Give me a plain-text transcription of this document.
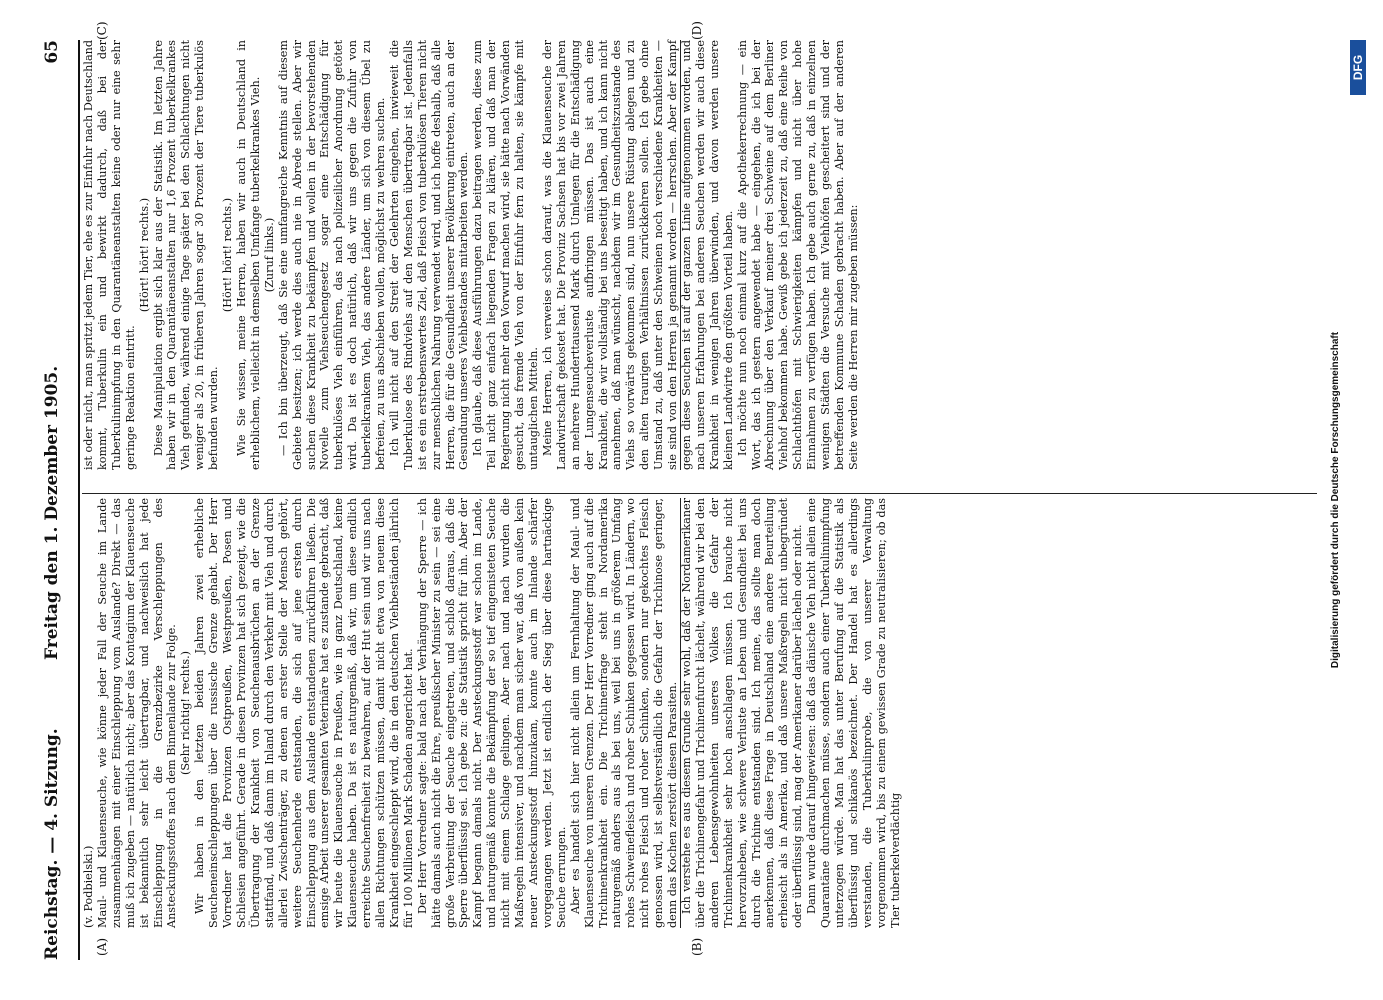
Reichstag. — 4. Sitzung.
Freitag den 1. Dezember 1905.
65
(A)	(B)
(C)	(D)

(v. Podbielski.) Maul- und Klauenseuche, wie könne jeder Fall der Seuche im Lande zusammenhängen mit einer Einschleppung vom Auslande? Direkt — das muß ich zugeben — natürlich nicht; aber das Kontagium der Klauenseuche ist bekanntlich sehr leicht übertragbar, und nachweislich hat jede Einschleppung in die Grenzbezirke Verschleppungen des Ansteckungsstoffes nach dem Binnenlande zur Folge. (Sehr richtig! rechts.) Wir haben in den letzten beiden Jahren zwei erhebliche Seucheneinschleppungen über die russische Grenze gehabt. Der Herr Vorredner hat die Provinzen Ostpreußen, Westpreußen, Posen und Schlesien angeführt. Gerade in diesen Provinzen hat sich gezeigt, wie die Übertragung der Krankheit von Seuchenausbrüchen an der Grenze stattfand, und daß dann im Inland durch den Verkehr mit Vieh und durch allerlei Zwischenträger, zu denen an erster Stelle der Mensch gehört, weitere Seuchenherde entstanden, die sich auf jene ersten durch Einschleppung aus dem Auslande entstandenen zurückführen ließen. Die emsige Arbeit unserer gesamten Veterinäre hat es zustande gebracht, daß wir heute die Klauenseuche in Preußen, wie in ganz Deutschland, keine Klauenseuche haben. Da ist es naturgemäß, daß wir, um diese endlich erreichte Seuchenfreiheit zu bewahren, auf der Hut sein und wir uns nach allen Richtungen schützen müssen, damit nicht etwa von neuem diese Krankheit eingeschleppt wird, die in den deutschen Viehbeständen jährlich für 100 Millionen Mark Schaden angerichtet hat. Der Herr Vorredner sagte: bald nach der Verhängung der Sperre — ich hätte damals auch nicht die Ehre, preußischer Minister zu sein — sei eine große Verbreitung der Seuche eingetreten, und schloß daraus, daß die Sperre überflüssig sei. Ich gebe zu: die Statistik spricht für ihn. Aber der Kampf begann damals nicht. Der Ansteckungsstoff war schon im Lande, und naturgemäß konnte die Bekämpfung der so tief eingenisteten Seuche nicht mit einem Schlage gelingen. Aber nach und nach wurden die Maßregeln intensiver, und nachdem man sicher war, daß von außen kein neuer Ansteckungsstoff hinzukam, konnte auch im Inlande schärfer vorgegangen werden. Jetzt ist endlich der Sieg über diese hartnäckige Seuche errungen. Aber es handelt sich hier nicht allein um Fernhaltung der Maul- und Klauenseuche von unseren Grenzen. Der Herr Vorredner ging auch auf die Trichinenkrankheit ein. Die Trichinenfrage steht in Nordamerika naturgemäß anders aus als bei uns, weil bei uns in größerem Umfang rohes Schweinefleisch und roher Schinken gegessen wird. In Ländern, wo nicht rohes Fleisch und roher Schinken, sondern nur gekochtes Fleisch genossen wird, ist selbstverständlich die Gefahr der Trichinose geringer, denn das Kochen zerstört diesen Parasiten. Ich verstehe es aus diesem Grunde sehr wohl, daß der Nordamerikaner über die Trichinengefahr und Trichinenfurcht lächelt, während wir bei den anderen Lebensgewohnheiten unseres Volkes die Gefahr der Trichinenkrankheit sehr hoch anschlagen müssen. Ich brauche nicht hervorzuheben, wie schwere Verluste an Leben und Gesundheit bei uns durch die Trichine entstanden sind. Ich meine, das sollte man doch anerkennen, daß diese Frage in Deutschland eine andere Beurteilung erheischt als in Amerika, und daß unsere Maßregeln nicht unbegründet oder überflüssig sind, mag der Amerikaner darüber lächeln oder nicht. Dann wurde darauf hingewiesen: daß das dänische Vieh nicht allein eine Quarantäne durchmachen müsse, sondern auch einer Tuberkulinimpfung unterzogen würde. Man hat das unter Berufung auf die Statistik als überflüssig und schikanös bezeichnet. Der Handel hat es allerdings verstanden, die Tuberkulinprobe, die von unserer Verwaltung vorgenommen wird, bis zu einem gewissen Grade zu neutralisieren; ob das Tier tuberkelverdächtig

ist oder nicht, man spritzt jedem Tier, ehe es zur Einfuhr nach Deutschland kommt, Tuberkulin ein und bewirkt dadurch, daß bei der Tuberkulinimpfung in den Quarantäneanstalten keine oder nur eine sehr geringe Reaktion eintritt.

(Hört! hört! rechts.) Diese Manipulation ergibt sich klar aus der Statistik. Im letzten Jahre haben wir in den Quarantäneanstalten nur 1,6 Prozent tuberkelkrankes Vieh gefunden, während einige Tage später bei den Schlachtungen nicht weniger als 20, in früheren Jahren sogar 30 Prozent der Tiere tuberkulös befunden wurden.

(Hört! hört! rechts.) Wie Sie wissen, meine Herren, haben wir auch in Deutschland in erheblichem, vielleicht in demselben Umfange tuberkelkrankes Vieh. (Zuruf links.) — Ich bin überzeugt, daß Sie eine umfangreiche Kenntnis auf diesem Gebiete besitzen; ich werde dies auch nie in Abrede stellen. Aber wir suchen diese Krankheit zu bekämpfen und wollen in der bevorstehenden Novelle zum Viehseuchengesetz sogar eine Entschädigung für tuberkulöses Vieh einführen, das nach polizeilicher Anordnung getötet wird. Da ist es doch natürlich, daß wir uns gegen die Zufuhr von tuberkelkrankem Vieh, das andere Länder, um sich von diesem Übel zu befreien, zu uns abschieben wollen, möglichst zu wehren suchen. Ich will nicht auf den Streit der Gelehrten eingehen, inwieweit die Tuberkulose des Rindviehs auf den Menschen übertragbar ist. Jedenfalls ist es ein erstrebenswertes Ziel, daß Fleisch von tuberkulösen Tieren nicht zur menschlichen Nahrung verwendet wird, und ich hoffe deshalb, daß alle Herren, die für die Gesundheit unserer Bevölkerung eintreten, auch an der Gesundung unseres Viehbestandes mitarbeiten werden. Ich glaube, daß diese Ausführungen dazu beitragen werden, diese zum Teil nicht ganz einfach liegenden Fragen zu klären, und daß man der Regierung nicht mehr den Vorwurf machen wird, sie hätte nach Vorwänden gesucht, das fremde Vieh von der Einfuhr fern zu halten, sie kämpfe mit untauglichen Mitteln. Meine Herren, ich verweise schon darauf, was die Klauenseuche der Landwirtschaft gekostet hat. Die Provinz Sachsen hat bis vor zwei Jahren an mehrere Hunderttausend Mark durch Umlegen für die Entschädigung der Lungenseucheverluste aufbringen müssen. Das ist auch eine Krankheit, die wir vollständig bei uns beseitigt haben, und ich kann nicht annehmen, daß man wünscht, nachdem wir im Gesundheitszustande des Viehs so vorwärts gekommen sind, nun unsere Rüstung ablegen und zu den alten traurigen Verhältnissen zurückkehren sollen. Ich gebe ohne Umstand zu, daß unter den Schweinen noch verschiedene Krankheiten — sie sind von den Herren ja genannt worden — herrschen. Aber der Kampf gegen diese Seuchen ist auf der ganzen Linie aufgenommen worden, und nach unseren Erfahrungen bei anderen Seuchen werden wir auch diese Krankheit in wenigen Jahren überwinden, und davon werden unsere kleinen Landwirte den größten Vorteil haben. Ich möchte nun noch einmal kurz auf die Apothekerrechnung — ein Wort, das ich gestern angewendet habe — eingehen, die ich bei der Abrechnung über den Verkauf meiner drei Schweine auf dem Berliner Viehhof bekommen habe. Gewiß gebe ich jederzeit zu, daß eine Reihe von Schlachthöfen mit Schwierigkeiten kämpfen und nicht über hohe Einnahmen zu verfügen haben. Ich gebe auch gerne zu, daß in einzelnen wenigen Städten die Versuche mit Viehhöfen gescheitert sind und der betreffenden Kommune Schaden gebracht haben. Aber auf der anderen Seite werden die Herren mir zugeben müssen:	Digitalisierung gefördert durch die Deutsche Forschungsgemeinschaft
DFG
